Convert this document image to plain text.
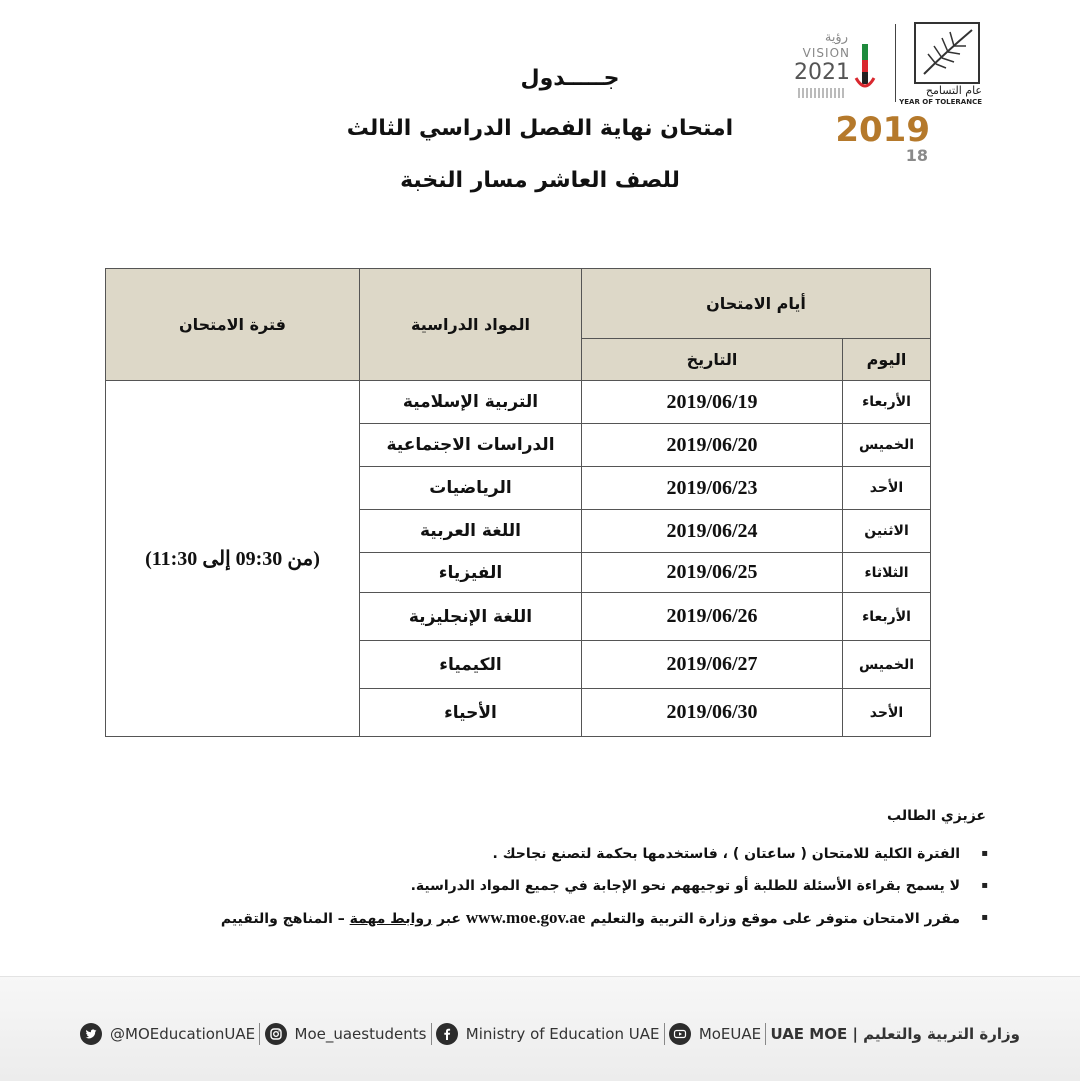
عام التسامح
YEAR OF TOLERANCE
رؤية
VISION
2021
2019
18
جـــــدول
امتحان نهاية الفصل الدراسي الثالث
للصف العاشر مسار النخبة
أيام الامتحان		المواد الدراسية	فترة الامتحان
اليوم	التاريخ		
الأربعاء	2019/06/19	التربية الإسلامية	(من 09:30 إلى 11:30)
الخميس	2019/06/20	الدراسات الاجتماعية	
الأحد	2019/06/23	الرياضيات	
الاثنين	2019/06/24	اللغة العربية	
الثلاثاء	2019/06/25	الفيزياء	
الأربعاء	2019/06/26	اللغة الإنجليزية	
الخميس	2019/06/27	الكيمياء	
الأحد	2019/06/30	الأحياء	
عزيزي الطالب
▪ الفترة الكلية للامتحان ( ساعتان ) ، فاستخدمها بحكمة لتصنع نجاحك .
▪ لا يسمح بقراءة الأسئلة للطلبة أو توجيههم نحو الإجابة في جميع المواد الدراسية.
▪ مقرر الامتحان متوفر على موقع وزارة التربية والتعليم www.moe.gov.ae عبر روابط مهمة – المناهج والتقييم
@MOEducationUAE	Moe_uaestudents	Ministry of Education UAE	MoEUAE وزارة التربية والتعليم | UAE MOE
